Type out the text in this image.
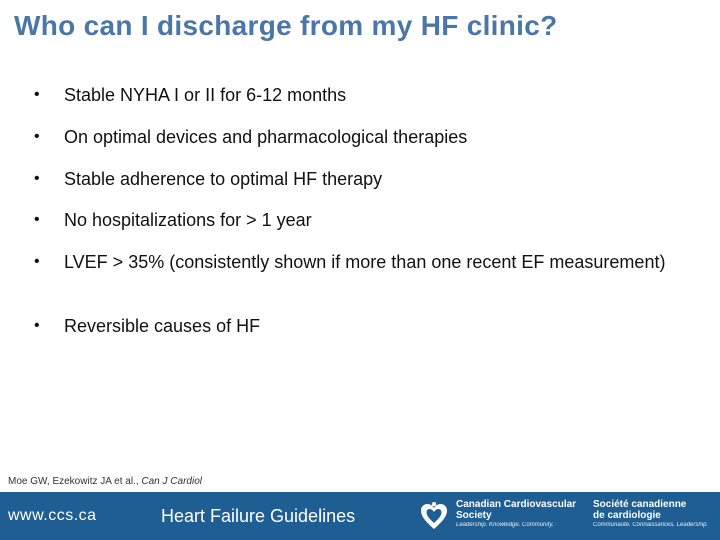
Who can I discharge from my HF clinic?
•	Stable NYHA I or II for 6-12 months
•	On optimal devices and pharmacological therapies
•	Stable adherence to optimal HF therapy
•	No hospitalizations for > 1 year
•	LVEF > 35% (consistently shown if more than one recent EF measurement)
•	Reversible causes of HF
Moe GW, Ezekowitz JA et al., Can J Cardiol
www.ccs.ca	Heart Failure Guidelines
Canadian Cardiovascular
Society
Leadership. Knowledge. Community.
Société canadienne
de cardiologie
Communauté. Connaissances. Leadership.
